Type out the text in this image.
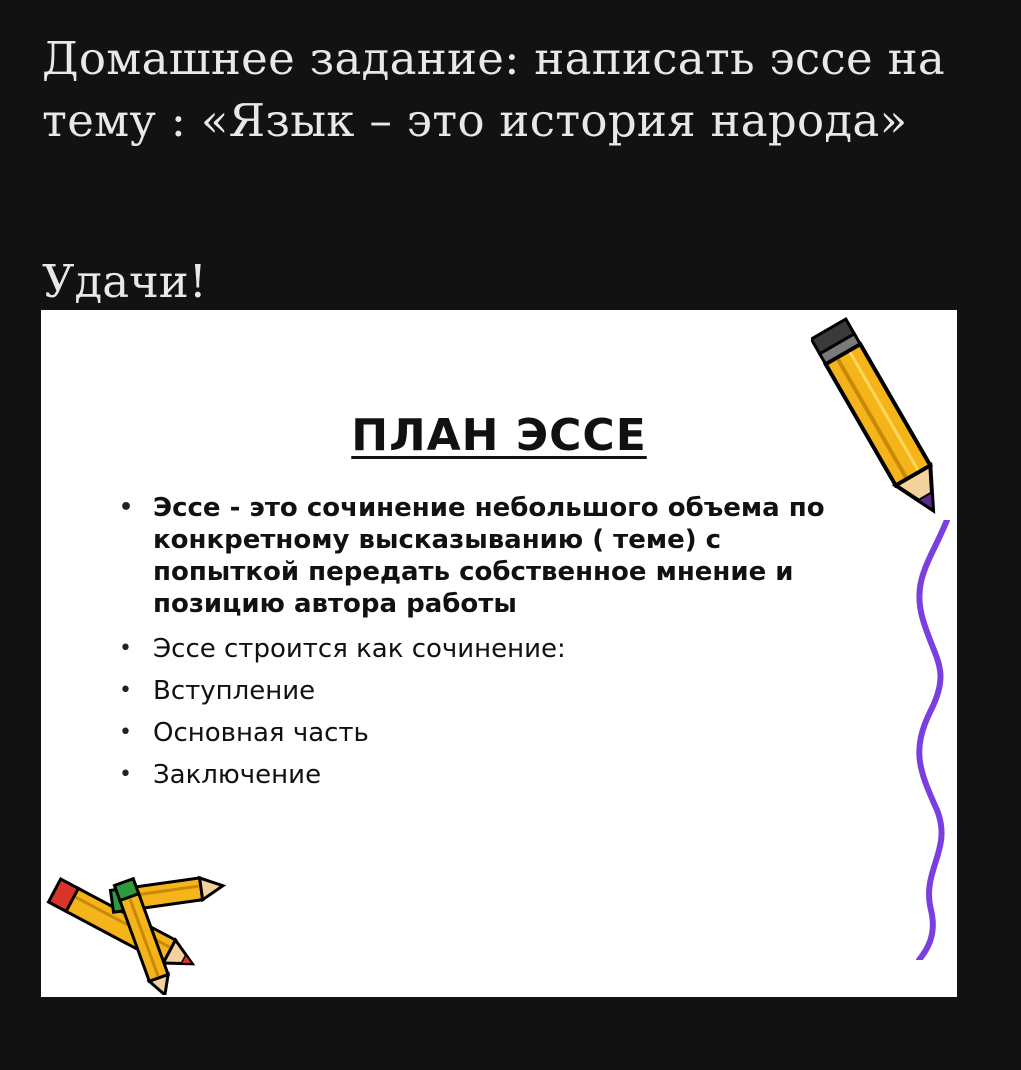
Домашнее задание: написать эссе на тему : «Язык – это история народа»
Удачи!
ПЛАН ЭССЕ
• Эссе - это сочинение небольшого объема по конкретному высказыванию ( теме) с попыткой передать собственное мнение и позицию автора работы
• Эссе строится как сочинение:
• Вступление
• Основная часть
• Заключение
